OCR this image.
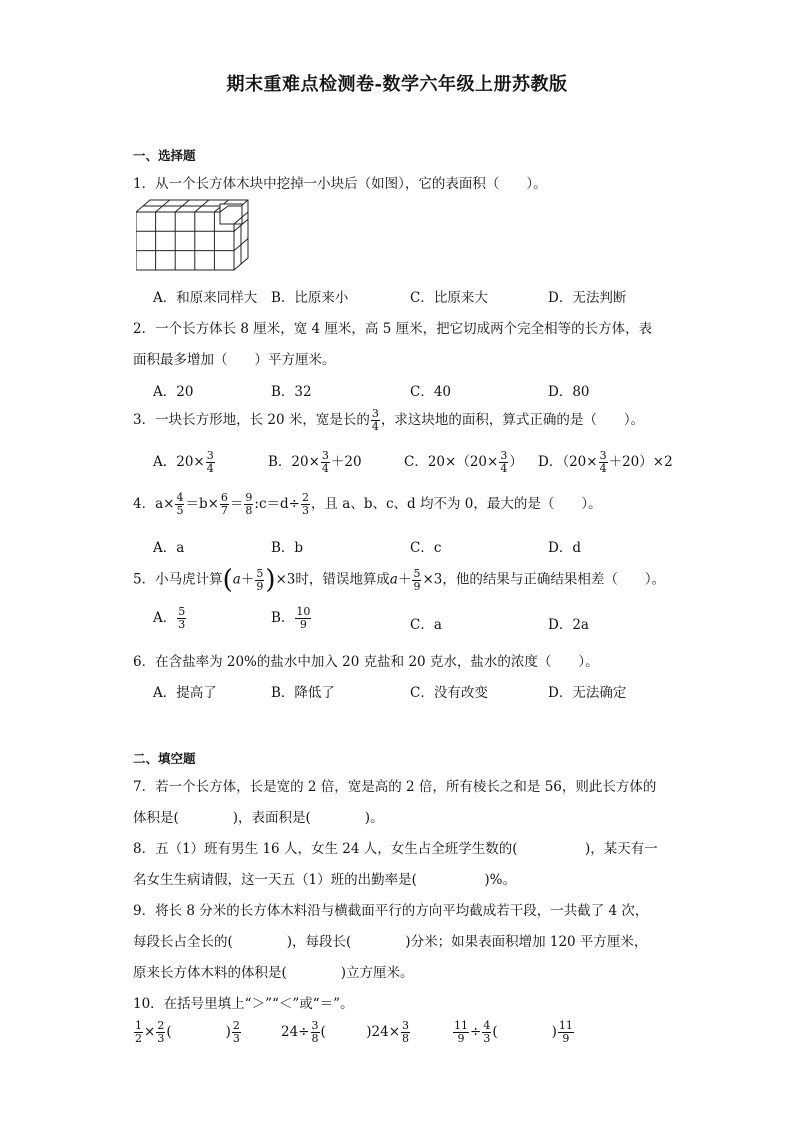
期末重难点检测卷-数学六年级上册苏教版
一、选择题
1．从一个长方体木块中挖掉一小块后（如图），它的表面积（　　）。
A．和原来同样大 B．比原来小	C．比原来大	D．无法判断
2．一个长方体长 8 厘米，宽 4 厘米，高 5 厘米，把它切成两个完全相等的长方体，表
面积最多增加（　　）平方厘米。
A．20	B．32	C．40	D．80
3．一块长方形地，长 20 米，宽是长的 $\frac{3}{4}$ ，求这块地的面积，算式正确的是（　　）。
A．$20\times \frac{3}{4}$	B．$20\times \frac{3}{4} +20$	C．$20\times(20\times \frac{3}{4}$ ） D．$(20\times \frac{3}{4} +20)\times 2$
4．$a\times \frac{4}{5} =b\times \frac{6}{7} = \frac{9}{8}$ :c＝d÷ $\frac{2}{3}$ ，且 a、b、c、d 均不为 0，最大的是（　　）。
A．a	B．b	C．c	D．d
5．小马虎计算$(a+ \frac{5}{9} )\times 3$时，错误地算成$a+ \frac{5}{9} \times 3$，他的结果与正确结果相差（　　）。
A． $\frac{5}{3}$	B． $\frac{10}{9}$	C．a	D．2a
6．在含盐率为 20%的盐水中加入 20 克盐和 20 克水，盐水的浓度（　　）。
A．提高了	B．降低了	C．没有改变	D．无法确定
二、填空题
7．若一个长方体，长是宽的 2 倍，宽是高的 2 倍，所有棱长之和是 56，则此长方体的
体积是(　　　　)，表面积是(　　　　)。
8．五（1）班有男生 16 人，女生 24 人，女生占全班学生数的(　　　　　)，某天有一
名女生生病请假，这一天五（1）班的出勤率是(　　　　　)%。
9．将长 8 分米的长方体木料沿与横截面平行的方向平均截成若干段，一共截了 4 次，
每段长占全长的(　　　　)，每段长(　　　　)分米；如果表面积增加 120 平方厘米，
原来长方体木料的体积是(　　　　)立方厘米。
10．在括号里填上“＞”“＜”或“＝”。
$\frac{1}{2} \times \frac{2}{3}$ (　　　　) $\frac{2}{3}$	$24\div \frac{3}{8}$ (　　　)$24\times \frac{3}{8}$	$\frac{11}{9} \div \frac{4}{3}$ (　　　　) $\frac{11}{9}$
